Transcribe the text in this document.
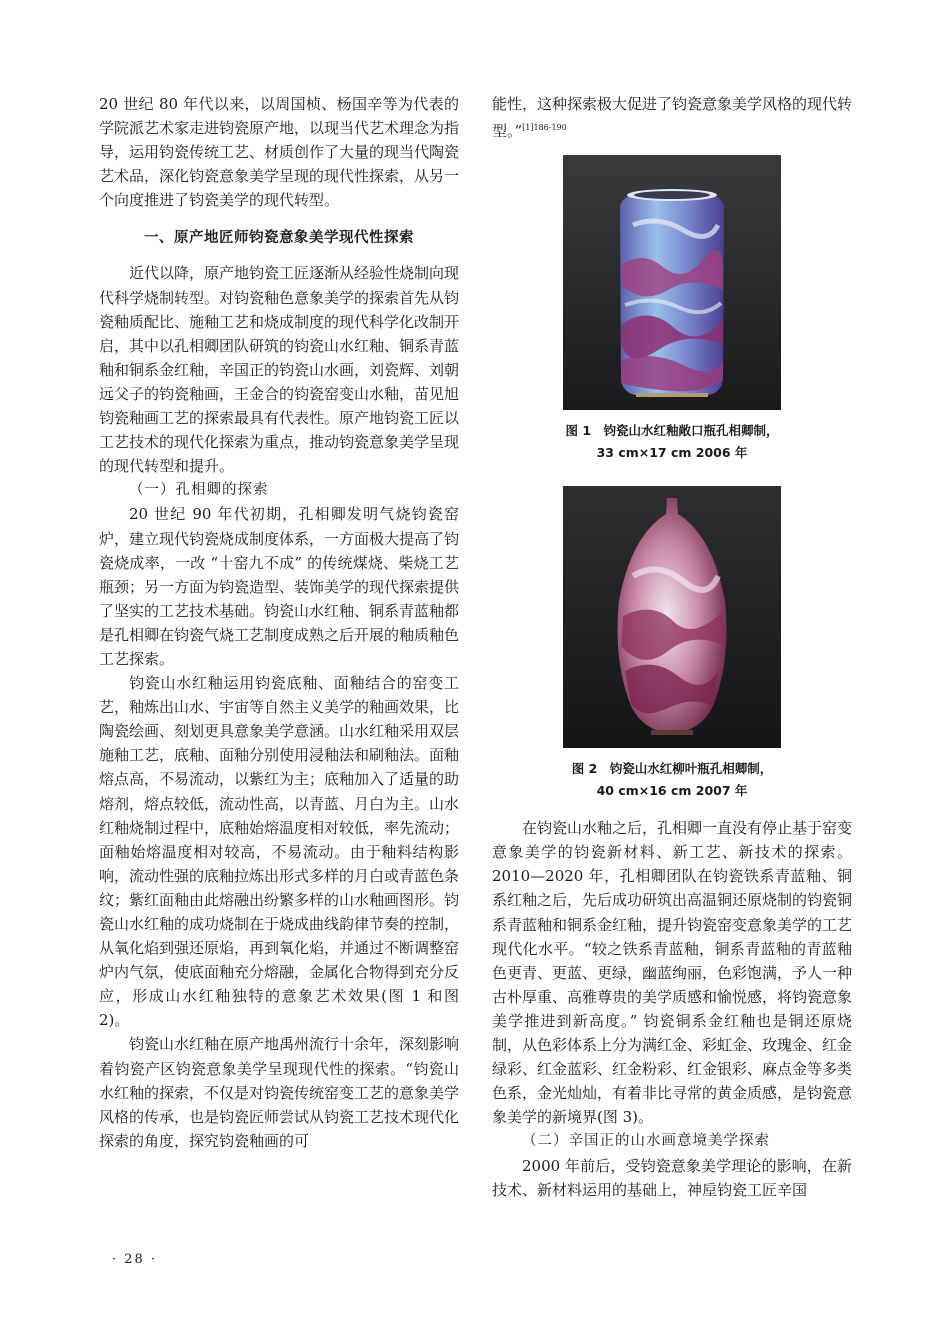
20 世纪 80 年代以来，以周国桢、杨国辛等为代表的学院派艺术家走进钧瓷原产地，以现当代艺术理念为指导，运用钧瓷传统工艺、材质创作了大量的现当代陶瓷艺术品，深化钧瓷意象美学呈现的现代性探索，从另一个向度推进了钧瓷美学的现代转型。

一、原产地匠师钧瓷意象美学现代性探索

近代以降，原产地钧瓷工匠逐渐从经验性烧制向现代科学烧制转型。对钧瓷釉色意象美学的探索首先从钧瓷釉质配比、施釉工艺和烧成制度的现代科学化改制开启，其中以孔相卿团队研筑的钧瓷山水红釉、铜系青蓝釉和铜系金红釉，辛国正的钧瓷山水画，刘瓷辉、刘朝远父子的钧瓷釉画，王金合的钧瓷窑变山水釉，苗见旭钧瓷釉画工艺的探索最具有代表性。原产地钧瓷工匠以工艺技术的现代化探索为重点，推动钧瓷意象美学呈现的现代转型和提升。

（一）孔相卿的探索

20 世纪 90 年代初期，孔相卿发明气烧钧瓷窑炉，建立现代钧瓷烧成制度体系，一方面极大提高了钧瓷烧成率，一改 “十窑九不成” 的传统煤烧、柴烧工艺瓶颈；另一方面为钧瓷造型、装饰美学的现代探索提供了坚实的工艺技术基础。钧瓷山水红釉、铜系青蓝釉都是孔相卿在钧瓷气烧工艺制度成熟之后开展的釉质釉色工艺探索。

钧瓷山水红釉运用钧瓷底釉、面釉结合的窑变工艺，釉炼出山水、宇宙等自然主义美学的釉画效果，比陶瓷绘画、刻划更具意象美学意涵。山水红釉采用双层施釉工艺，底釉、面釉分别使用浸釉法和刷釉法。面釉熔点高，不易流动，以紫红为主；底釉加入了适量的助熔剂，熔点较低，流动性高，以青蓝、月白为主。山水红釉烧制过程中，底釉始熔温度相对较低，率先流动；面釉始熔温度相对较高，不易流动。由于釉料结构影响，流动性强的底釉拉炼出形式多样的月白或青蓝色条纹；紫红面釉由此熔融出纷繁多样的山水釉画图形。钧瓷山水红釉的成功烧制在于烧成曲线韵律节奏的控制，从氧化焰到强还原焰，再到氧化焰，并通过不断调整窑炉内气氛，使底面釉充分熔融，金属化合物得到充分反应，形成山水红釉独特的意象艺术效果(图 1 和图 2)。

钧瓷山水红釉在原产地禹州流行十余年，深刻影响着钧瓷产区钧瓷意象美学呈现现代性的探索。“钧瓷山水红釉的探索，不仅是对钧瓷传统窑变工艺的意象美学风格的传承，也是钧瓷匠师尝试从钧瓷工艺技术现代化探索的角度，探究钧瓷釉画的可

能性，这种探索极大促进了钧瓷意象美学风格的现代转型。”$^{[1]186-190}$

图 1　钧瓷山水红釉敞口瓶孔相卿制，
33 cm×17 cm 2006 年
图 2　钧瓷山水红柳叶瓶孔相卿制，
40 cm×16 cm 2007 年

在钧瓷山水釉之后，孔相卿一直没有停止基于窑变意象美学的钧瓷新材料、新工艺、新技术的探索。2010—2020 年，孔相卿团队在钧瓷铁系青蓝釉、铜系红釉之后，先后成功研筑出高温铜还原烧制的钧瓷铜系青蓝釉和铜系金红釉，提升钧瓷窑变意象美学的工艺现代化水平。“较之铁系青蓝釉，铜系青蓝釉的青蓝釉色更青、更蓝、更绿，幽蓝绚丽，色彩饱满，予人一种古朴厚重、高雅尊贵的美学质感和愉悦感，将钧瓷意象美学推进到新高度。” 钧瓷铜系金红釉也是铜还原烧制，从色彩体系上分为满红金、彩虹金、玫瑰金、红金绿彩、红金蓝彩、红金粉彩、红金银彩、麻点金等多类色系，金光灿灿，有着非比寻常的黄金质感，是钧瓷意象美学的新境界(图 3)。

（二）辛国正的山水画意境美学探索

2000 年前后，受钧瓷意象美学理论的影响，在新技术、新材料运用的基础上，神垕钧瓷工匠辛国

· 28 ·
